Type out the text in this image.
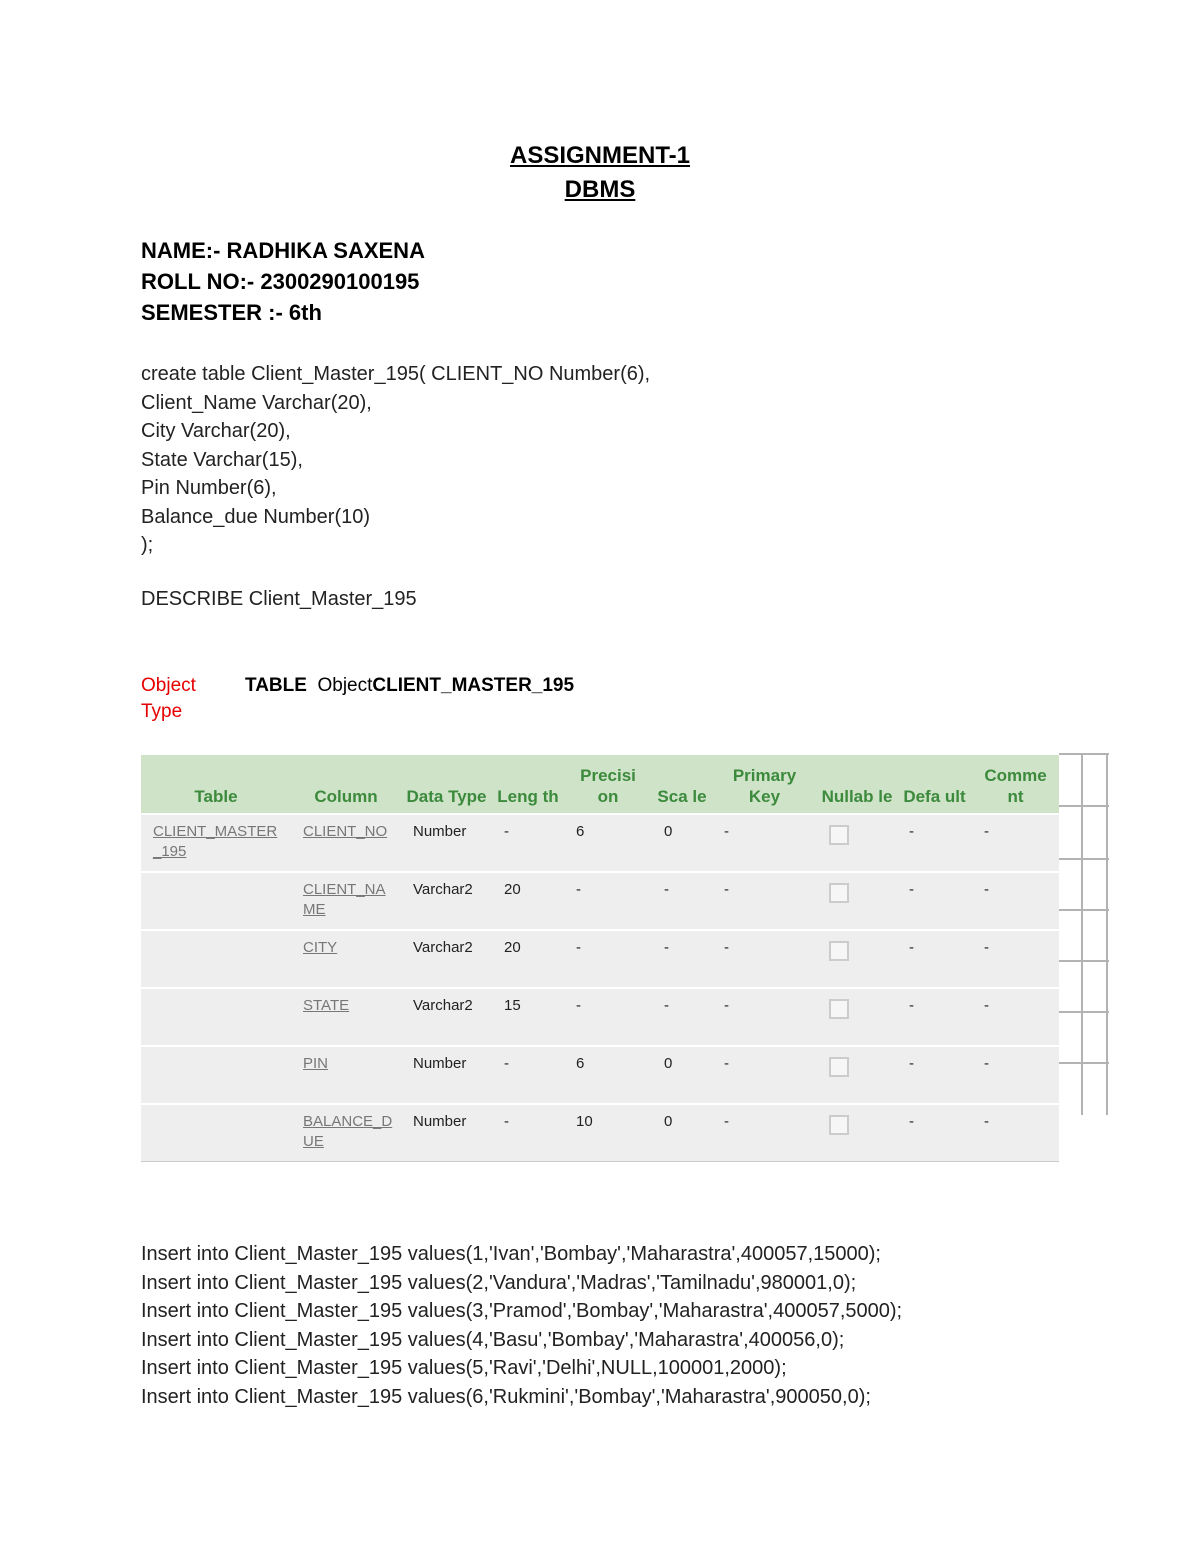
ASSIGNMENT-1
DBMS

NAME:- RADHIKA SAXENA

ROLL NO:- 2300290100195

SEMESTER :- 6th

create table Client_Master_195( CLIENT_NO Number(6),
Client_Name Varchar(20),
City Varchar(20),
State Varchar(15),
Pin Number(6),
Balance_due Number(10)
);

DESCRIBE Client_Master_195

Object Type
TABLE ObjectCLIENT_MASTER_195
Table	Column	Data Type	Leng th	Precisi on	Sca le	Primary Key	Nullab le	Defa ult	Comme nt
CLIENT_MASTER_195	CLIENT_NO	Number	-	6	0	-		-	-
	CLIENT_NAME	Varchar2	20	-	-	-		-	-
	CITY	Varchar2	20	-	-	-		-	-
	STATE	Varchar2	15	-	-	-		-	-
	PIN	Number	-	6	0	-		-	-
	BALANCE_DUE	Number	-	10	0	-		-	-
Insert into Client_Master_195 values(1,'Ivan','Bombay','Maharastra',400057,15000);
Insert into Client_Master_195 values(2,'Vandura','Madras','Tamilnadu',980001,0);
Insert into Client_Master_195 values(3,'Pramod','Bombay','Maharastra',400057,5000);
Insert into Client_Master_195 values(4,'Basu','Bombay','Maharastra',400056,0);
Insert into Client_Master_195 values(5,'Ravi','Delhi',NULL,100001,2000);
Insert into Client_Master_195 values(6,'Rukmini','Bombay','Maharastra',900050,0);
